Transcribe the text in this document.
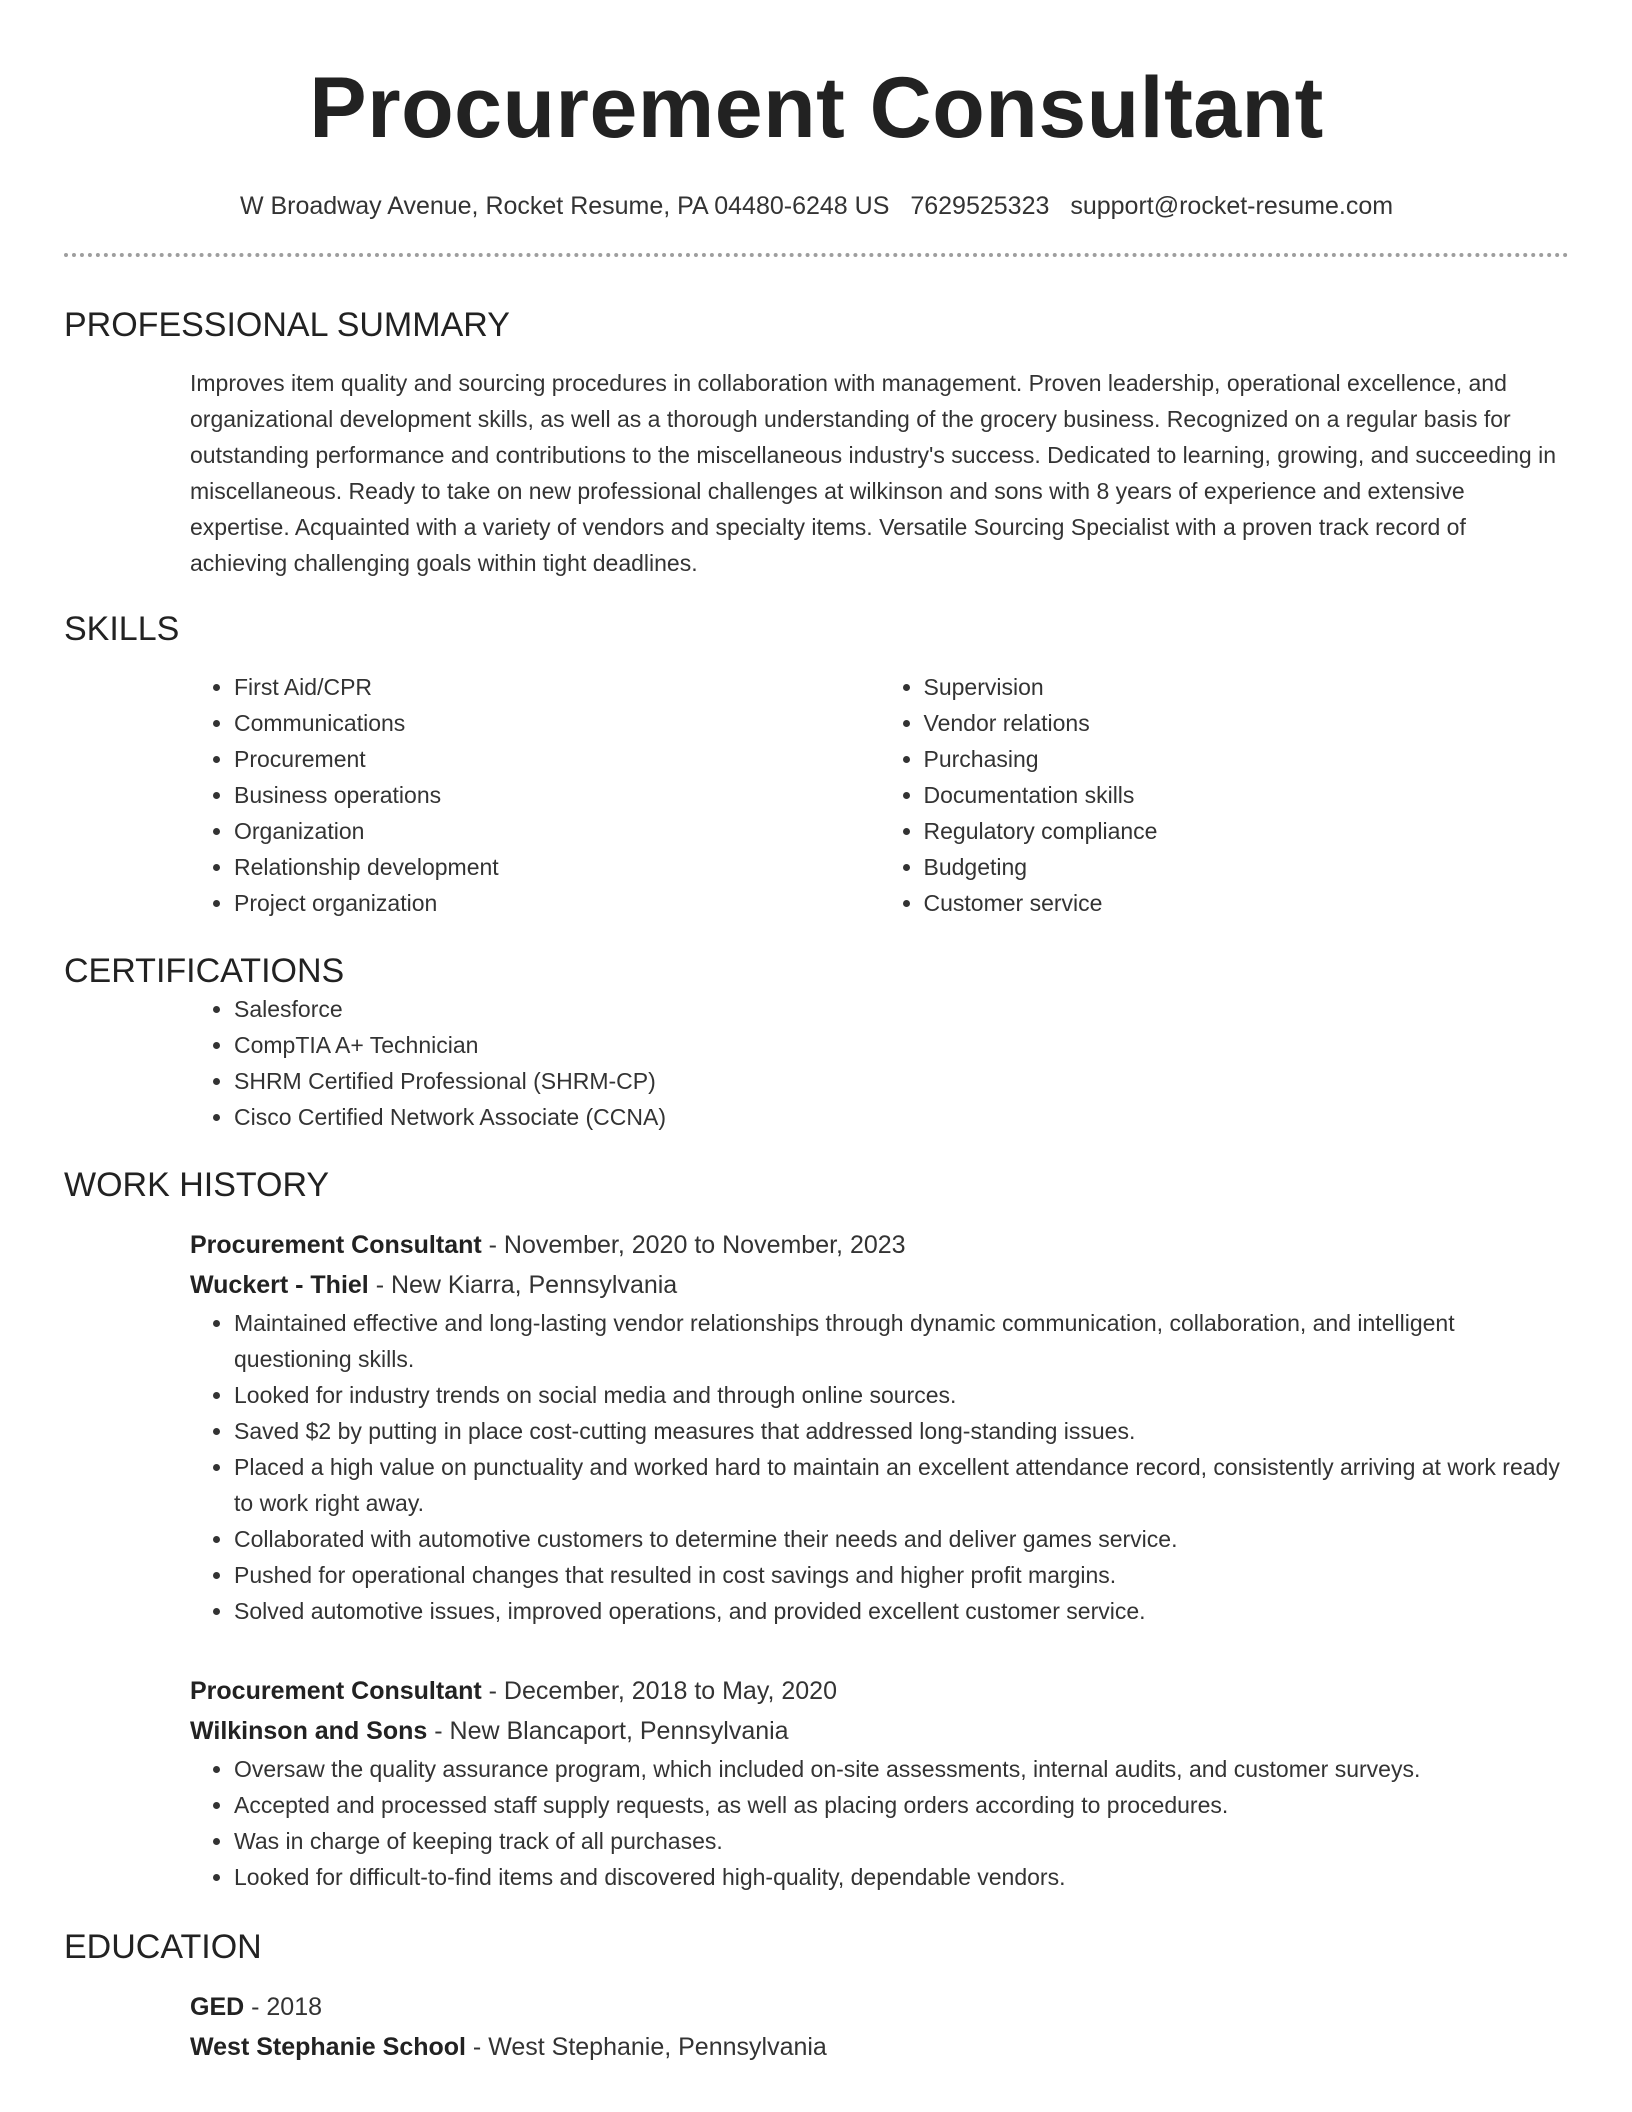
Procurement Consultant
W Broadway Avenue, Rocket Resume, PA 04480-6248 US 7629525323 support@rocket-resume.com
PROFESSIONAL SUMMARY
Improves item quality and sourcing procedures in collaboration with management. Proven leadership, operational excellence, and organizational development skills, as well as a thorough understanding of the grocery business. Recognized on a regular basis for outstanding performance and contributions to the miscellaneous industry's success. Dedicated to learning, growing, and succeeding in miscellaneous. Ready to take on new professional challenges at wilkinson and sons with 8 years of experience and extensive expertise. Acquainted with a variety of vendors and specialty items. Versatile Sourcing Specialist with a proven track record of achieving challenging goals within tight deadlines.
SKILLS
• First Aid/CPR
• Communications
• Procurement
• Business operations
• Organization
• Relationship development
• Project organization
• Supervision
• Vendor relations
• Purchasing
• Documentation skills
• Regulatory compliance
• Budgeting
• Customer service
CERTIFICATIONS
• Salesforce
• CompTIA A+ Technician
• SHRM Certified Professional (SHRM-CP)
• Cisco Certified Network Associate (CCNA)
WORK HISTORY
Procurement Consultant - November, 2020 to November, 2023
Wuckert - Thiel - New Kiarra, Pennsylvania
• Maintained effective and long-lasting vendor relationships through dynamic communication, collaboration, and intelligent questioning skills.
• Looked for industry trends on social media and through online sources.
• Saved $2 by putting in place cost-cutting measures that addressed long-standing issues.
• Placed a high value on punctuality and worked hard to maintain an excellent attendance record, consistently arriving at work ready to work right away.
• Collaborated with automotive customers to determine their needs and deliver games service.
• Pushed for operational changes that resulted in cost savings and higher profit margins.
• Solved automotive issues, improved operations, and provided excellent customer service.
Procurement Consultant - December, 2018 to May, 2020
Wilkinson and Sons - New Blancaport, Pennsylvania
• Oversaw the quality assurance program, which included on-site assessments, internal audits, and customer surveys.
• Accepted and processed staff supply requests, as well as placing orders according to procedures.
• Was in charge of keeping track of all purchases.
• Looked for difficult-to-find items and discovered high-quality, dependable vendors.
EDUCATION
GED - 2018
West Stephanie School - West Stephanie, Pennsylvania
